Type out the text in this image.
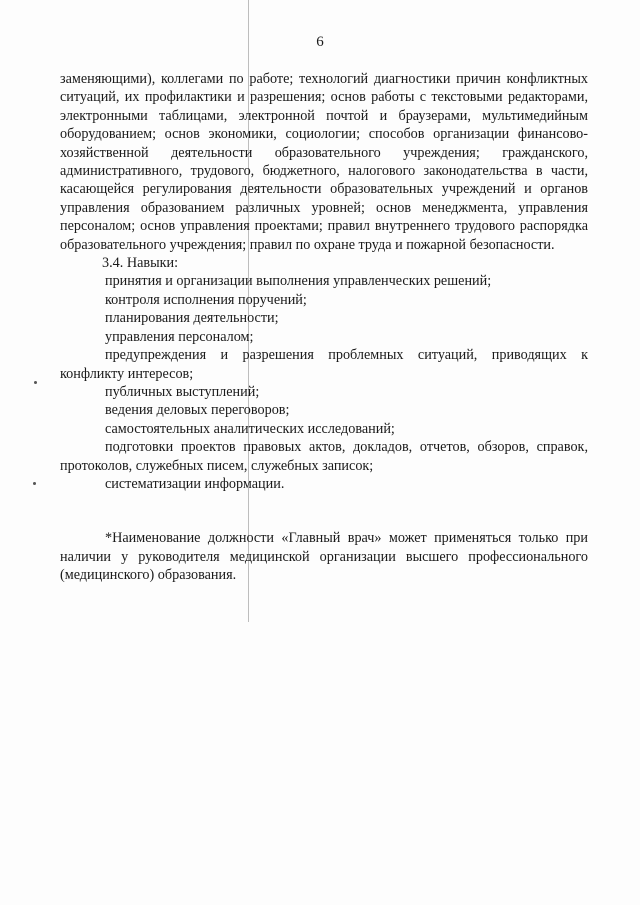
6

заменяющими), коллегами по работе; технологий диагностики причин конфликтных ситуаций, их профилактики и разрешения; основ работы с текстовыми редакторами, электронными таблицами, электронной почтой и браузерами, мультимедийным оборудованием; основ экономики, социологии; способов организации финансово-хозяйственной деятельности образовательного учреждения; гражданского, административного, трудового, бюджетного, налогового законодательства в части, касающейся регулирования деятельности образовательных учреждений и органов управления образованием различных уровней; основ менеджмента, управления персоналом; основ управления проектами; правил внутреннего трудового распорядка образовательного учреждения; правил по охране труда и пожарной безопасности.

3.4. Навыки:

принятия и организации выполнения управленческих решений;
контроля исполнения поручений;
планирования деятельности;
управления персоналом;
предупреждения и разрешения проблемных ситуаций, приводящих к конфликту интересов;
публичных выступлений;
ведения деловых переговоров;
самостоятельных аналитических исследований;
подготовки проектов правовых актов, докладов, отчетов, обзоров, справок, протоколов, служебных писем, служебных записок;
систематизации информации.

*Наименование должности «Главный врач» может применяться только при наличии у руководителя медицинской организации высшего профессионального (медицинского) образования.
